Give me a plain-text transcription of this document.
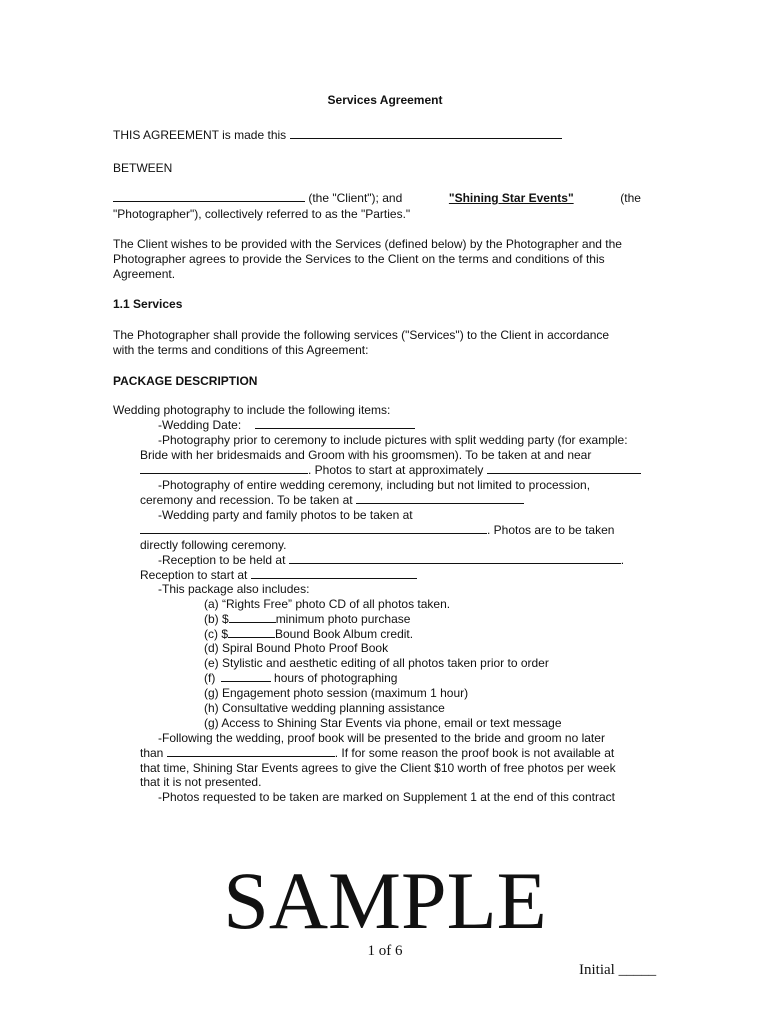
Services Agreement
THIS AGREEMENT is made this
BETWEEN
(the "Client"); and	"Shining Star Events"	(the
"Photographer"), collectively referred to as the "Parties."
The Client wishes to be provided with the Services (defined below) by the Photographer and the
Photographer agrees to provide the Services to the Client on the terms and conditions of this
Agreement.
1.1 Services
The Photographer shall provide the following services ("Services") to the Client in accordance
with the terms and conditions of this Agreement:
PACKAGE DESCRIPTION
Wedding photography to include the following items:
-Wedding Date:
-Photography prior to ceremony to include pictures with split wedding party (for example:
Bride with her bridesmaids and Groom with his groomsmen). To be taken at and near
. Photos to start at approximately
-Photography of entire wedding ceremony, including but not limited to procession,
ceremony and recession. To be taken at
-Wedding party and family photos to be taken at
. Photos are to be taken
directly following ceremony.
-Reception to be held at	.
Reception to start at
-This package also includes:
(a) “Rights Free” photo CD of all photos taken.
(b) $	minimum photo purchase
(c) $	Bound Book Album credit.
(d) Spiral Bound Photo Proof Book
(e) Stylistic and aesthetic editing of all photos taken prior to order
(f)	hours of photographing
(g) Engagement photo session (maximum 1 hour)
(h) Consultative wedding planning assistance
(g) Access to Shining Star Events via phone, email or text message
-Following the wedding, proof book will be presented to the bride and groom no later
than	. If for some reason the proof book is not available at
that time, Shining Star Events agrees to give the Client $10 worth of free photos per week
that it is not presented.
-Photos requested to be taken are marked on Supplement 1 at the end of this contract
SAMPLE
1 of 6
Initial _____
